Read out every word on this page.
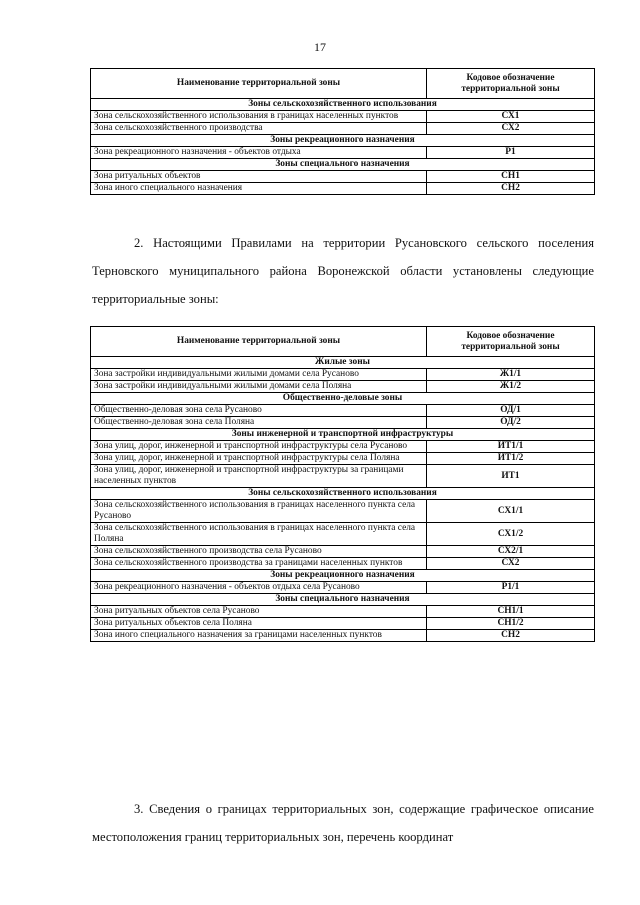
17
Наименование территориальной зоны	Кодовое обозначение территориальной зоны
Зоны сельскохозяйственного использования	
Зона сельскохозяйственного использования в границах населенных пунктов	СХ1
Зона сельскохозяйственного производства	СХ2
Зоны рекреационного назначения	
Зона рекреационного назначения - объектов отдыха	Р1
Зоны специального назначения	
Зона ритуальных объектов	СН1
Зона иного специального назначения	СН2

2. Настоящими Правилами на территории Русановского сельского поселения Терновского муниципального района Воронежской области установлены следующие территориальные зоны:

Наименование территориальной зоны	Кодовое обозначение территориальной зоны
Жилые зоны	
Зона застройки индивидуальными жилыми домами села Русаново	Ж1/1
Зона застройки индивидуальными жилыми домами села Поляна	Ж1/2
Общественно-деловые зоны	
Общественно-деловая зона села Русаново	ОД/1
Общественно-деловая зона села Поляна	ОД/2
Зоны инженерной и транспортной инфраструктуры	
Зона улиц, дорог, инженерной и транспортной инфраструктуры села Русаново	ИТ1/1
Зона улиц, дорог, инженерной и транспортной инфраструктуры села Поляна	ИТ1/2
Зона улиц, дорог, инженерной и транспортной инфраструктуры за границами населенных пунктов	ИТ1
Зоны сельскохозяйственного использования	
Зона сельскохозяйственного использования в границах населенного пункта села Русаново	СХ1/1
Зона сельскохозяйственного использования в границах населенного пункта села Поляна	СХ1/2
Зона сельскохозяйственного производства села Русаново	СХ2/1
Зона сельскохозяйственного производства за границами населенных пунктов	СХ2
Зоны рекреационного назначения	
Зона рекреационного назначения - объектов отдыха села Русаново	Р1/1
Зоны специального назначения	
Зона ритуальных объектов села Русаново	СН1/1
Зона ритуальных объектов села Поляна	СН1/2
Зона иного специального назначения за границами населенных пунктов	СН2

3. Сведения о границах территориальных зон, содержащие графическое описание местоположения границ территориальных зон, перечень координат
